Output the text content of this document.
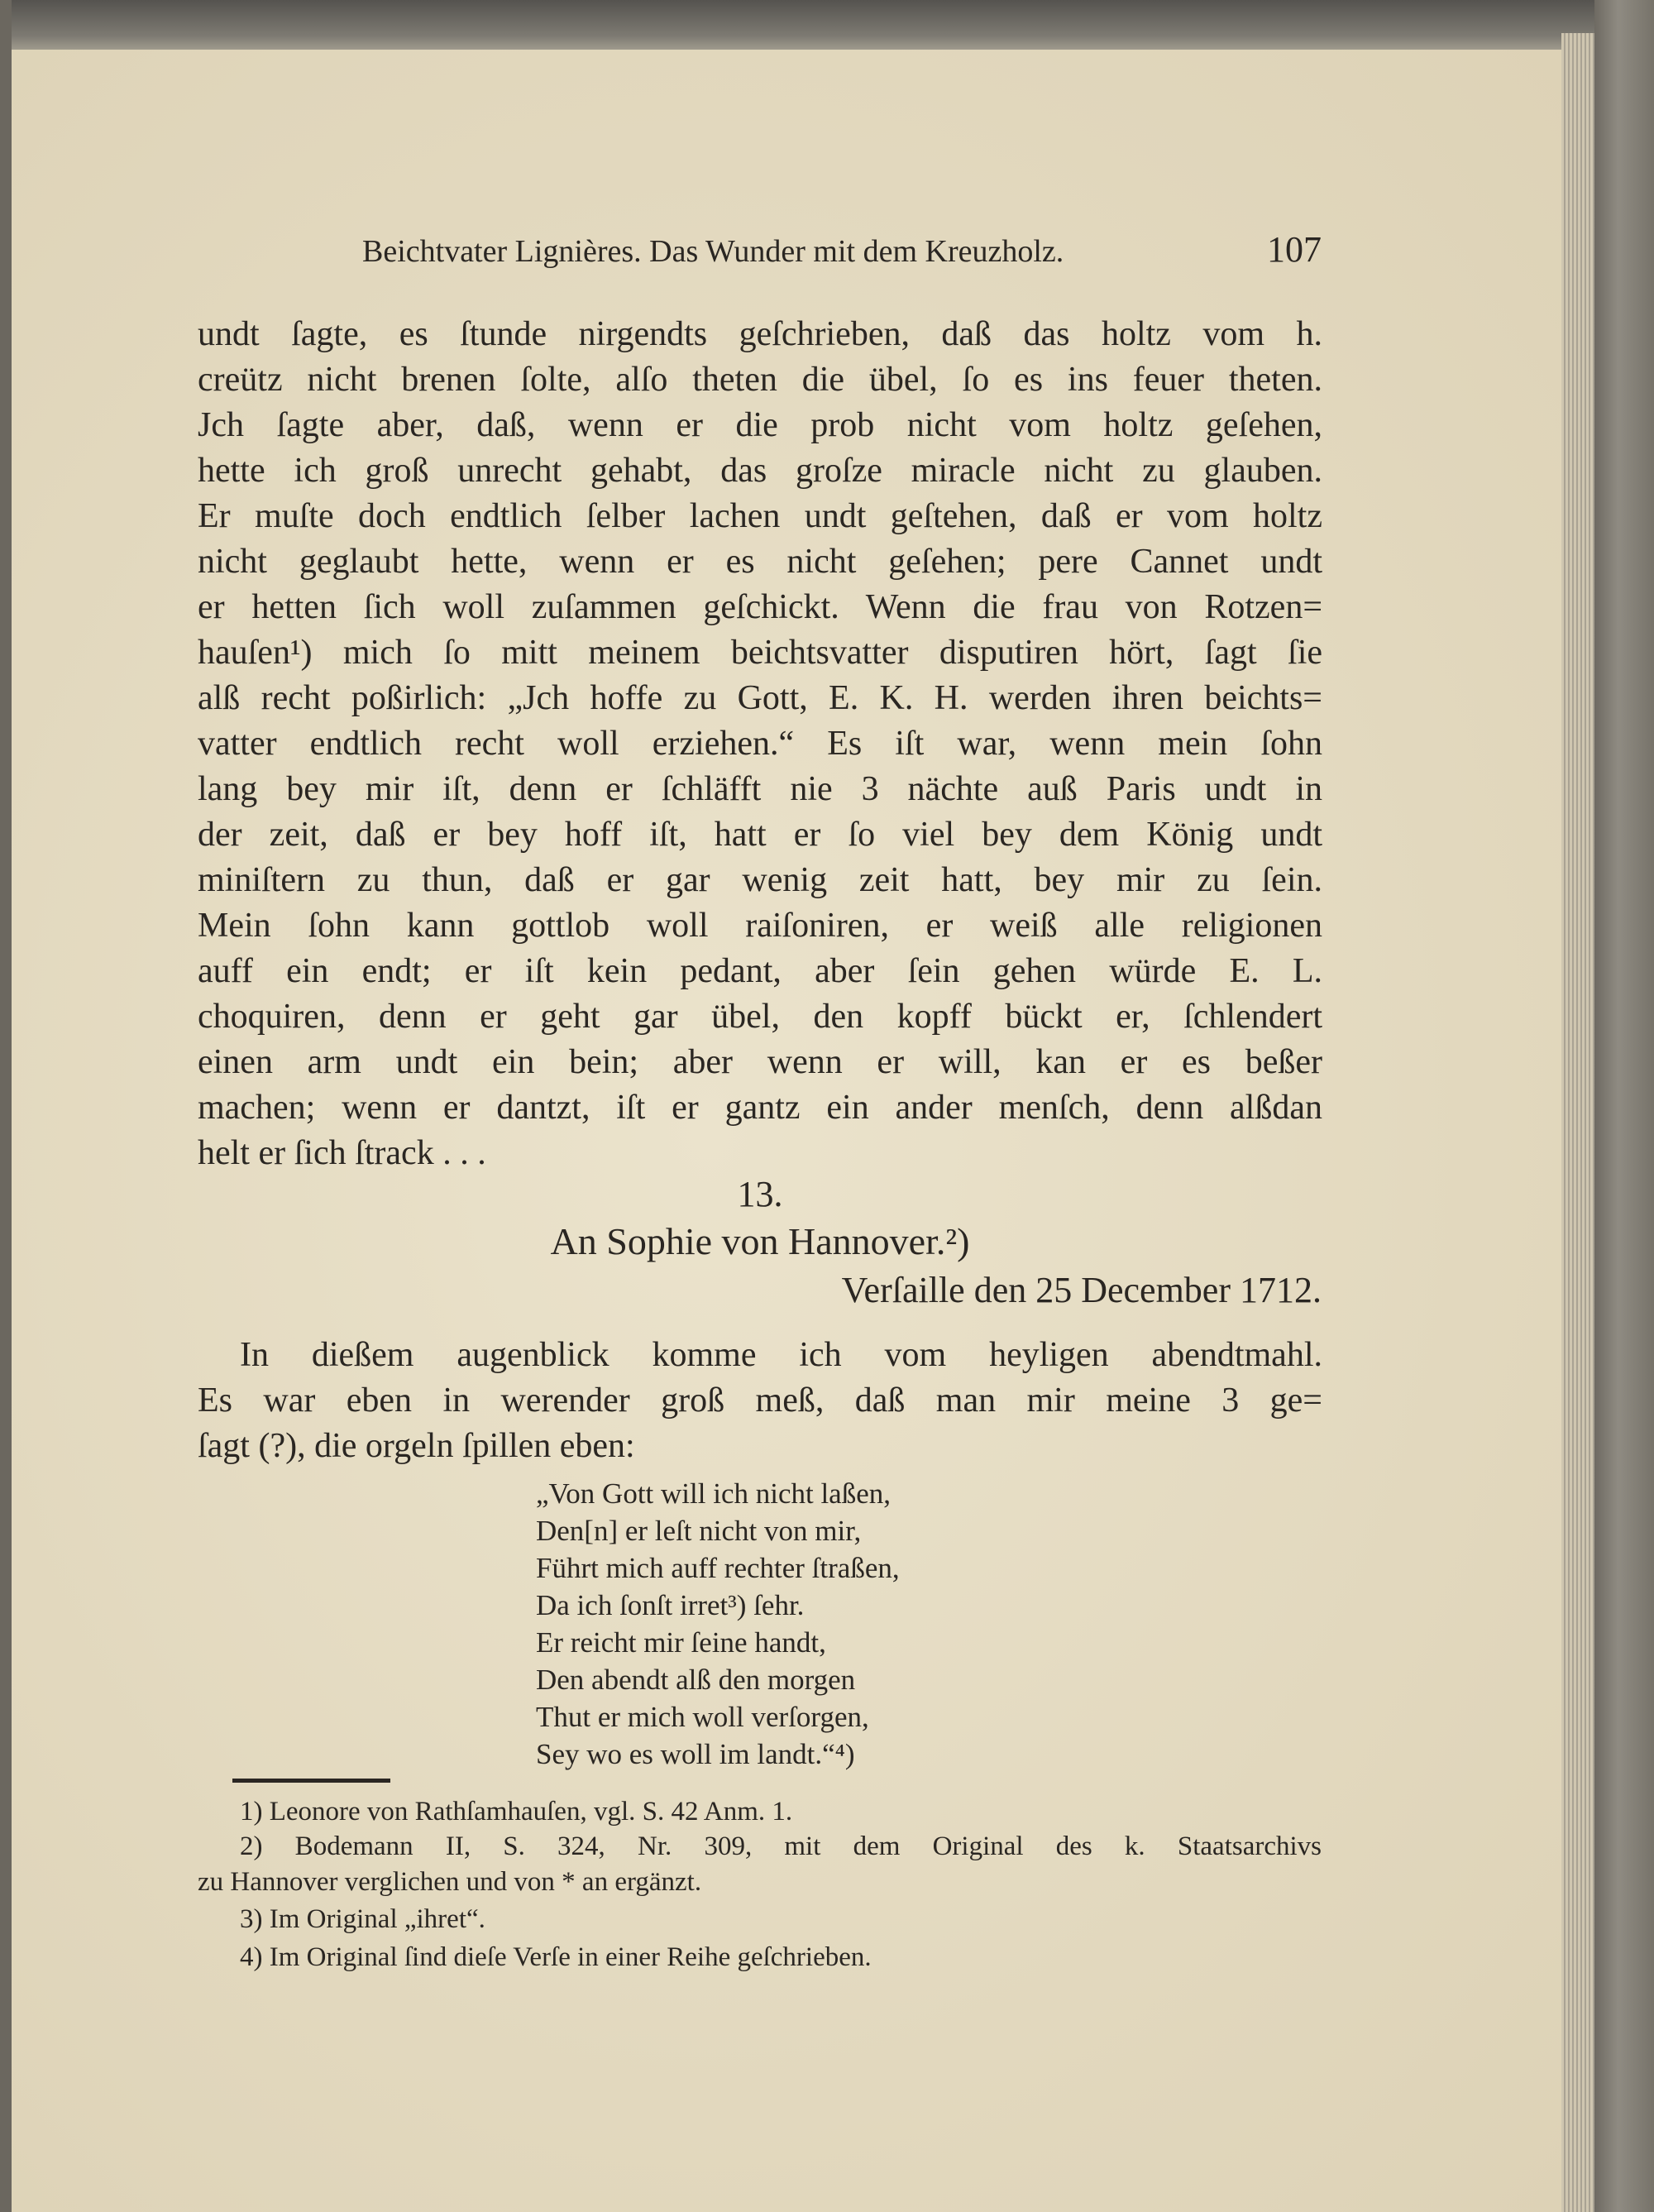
Beichtvater Lignières. Das Wunder mit dem Kreuzholz.	107
undt ſagte, es ſtunde nirgendts geſchrieben, daß das holtz vom h.
creütz nicht brenen ſolte, alſo theten die übel, ſo es ins feuer theten.
Jch ſagte aber, daß, wenn er die prob nicht vom holtz geſehen,
hette ich groß unrecht gehabt, das groſze miracle nicht zu glauben.
Er muſte doch endtlich ſelber lachen undt geſtehen, daß er vom holtz
nicht geglaubt hette, wenn er es nicht geſehen; pere Cannet undt
er hetten ſich woll zuſammen geſchickt. Wenn die frau von Rotzen=
hauſen¹) mich ſo mitt meinem beichtsvatter disputiren hört, ſagt ſie
alß recht poßirlich: „Jch hoffe zu Gott, E. K. H. werden ihren beichts=
vatter endtlich recht woll erziehen.“ Es iſt war, wenn mein ſohn
lang bey mir iſt, denn er ſchläfft nie 3 nächte auß Paris undt in
der zeit, daß er bey hoff iſt, hatt er ſo viel bey dem König undt
miniſtern zu thun, daß er gar wenig zeit hatt, bey mir zu ſein.
Mein ſohn kann gottlob woll raiſoniren, er weiß alle religionen
auff ein endt; er iſt kein pedant, aber ſein gehen würde E. L.
choquiren, denn er geht gar übel, den kopff bückt er, ſchlendert
einen arm undt ein bein; aber wenn er will, kan er es beßer
machen; wenn er dantzt, iſt er gantz ein ander menſch, denn alßdan
helt er ſich ſtrack . . .
13.
An Sophie von Hannover.²)
Verſaille den 25 December 1712.
In dießem augenblick komme ich vom heyligen abendtmahl.
Es war eben in werender groß meß, daß man mir meine 3 ge=
ſagt (?), die orgeln ſpillen eben:
„Von Gott will ich nicht laßen,
Den[n] er leſt nicht von mir,
Führt mich auff rechter ſtraßen,
Da ich ſonſt irret³) ſehr.
Er reicht mir ſeine handt,
Den abendt alß den morgen
Thut er mich woll verſorgen,
Sey wo es woll im landt.“⁴)
1) Leonore von Rathſamhauſen, vgl. S. 42 Anm. 1.
2) Bodemann II, S. 324, Nr. 309, mit dem Original des k. Staatsarchivs
zu Hannover verglichen und von * an ergänzt.
3) Im Original „ihret“.
4) Im Original ſind dieſe Verſe in einer Reihe geſchrieben.
